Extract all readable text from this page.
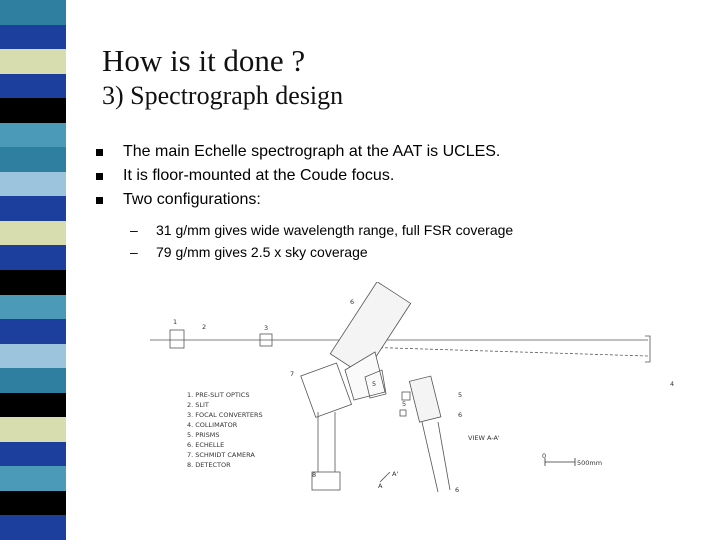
How is it done ?
3) Spectrograph design
The main Echelle spectrograph at the AAT is UCLES.
It is floor-mounted at the Coude focus.
Two configurations:
– 31 g/mm gives wide wavelength range, full FSR coverage
– 79 g/mm gives 2.5 x sky coverage
1
2	3
4
5
6
7
8
5
6
5
6
1. PRE-SLIT OPTICS
2. SLIT
3. FOCAL CONVERTERS
4. COLLIMATOR
5. PRISMS
6. ECHELLE
7. SCHMIDT CAMERA
8. DETECTOR
VIEW A-A'
A
A'
0
500mm
